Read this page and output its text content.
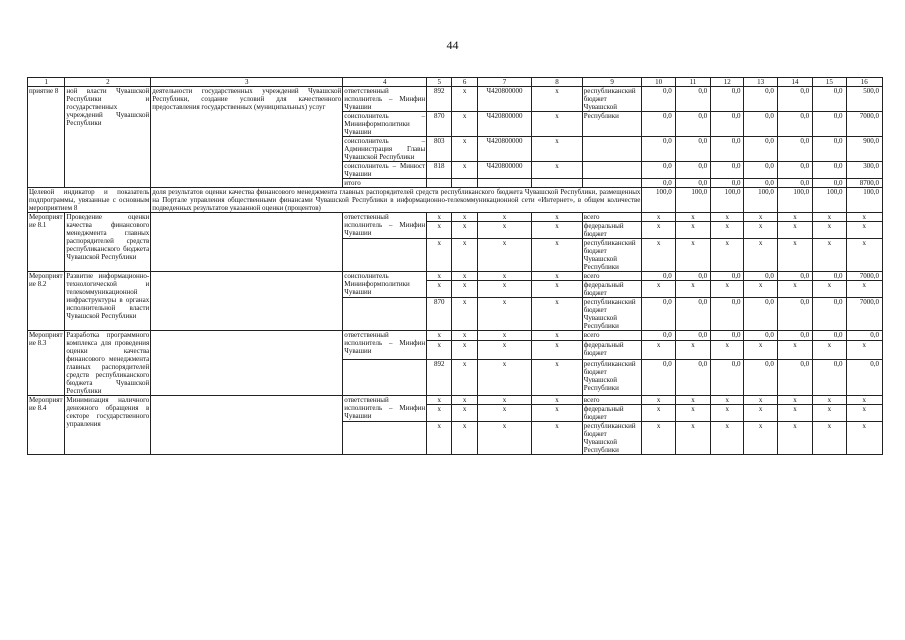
44
1	2	3	4	5	6	7	8	9	10	11	12	13	14	15	16
приятие 8	ной власти Чувашской Республики и государственных учреждений Чувашской Республики	деятельности государственных учреждений Чувашской Республики, создание условий для качественного предоставления государственных (муниципальных) услуг	ответственный исполнитель – Минфин Чувашии	892	х	Ч420800000	х	республиканский бюджет Чувашской	0,0	0,0	0,0	0,0	0,0	0,0	500,0
			соисполнитель – Мининформполитики Чувашии	870	х	Ч420800000	х	Республики	0,0	0,0	0,0	0,0	0,0	0,0	7000,0
			соисполнитель – Администрация Главы Чувашской Республики	803	х	Ч420800000	х		0,0	0,0	0,0	0,0	0,0	0,0	900,0
			соисполнитель – Минюст Чувашии	818	х	Ч420800000	х		0,0	0,0	0,0	0,0	0,0	0,0	300,0
			итого						0,0	0,0	0,0	0,0	0,0	0,0	8700,0
Целевой индикатор и показатель подпрограммы, увязанные с основным мероприятием 8		доля результатов оценки качества финансового менеджмента главных распорядителей средств республиканского бюджета Чувашской Республики, размещенных на Портале управления общественными финансами Чувашской Республики в информационно-телекоммуникационной сети «Интернет», в общем количестве подведенных результатов указанной оценки (процентов)							100,0	100,0	100,0	100,0	100,0	100,0	100,0
Мероприятие 8.1	Проведение оценки качества финансового менеджмента главных распорядителей средств республиканского бюджета Чувашской Республики		ответственный исполнитель – Минфин Чувашии	х	х	х	х	всего	х	х	х	х	х	х	х
				х	х	х	х	федеральный бюджет	х	х	х	х	х	х	х
				х	х	х	х	республиканский бюджет Чувашской Республики	х	х	х	х	х	х	х
Мероприятие 8.2	Развитие информационно-технологической и телекоммуникационной инфраструктуры в органах исполнительной власти Чувашской Республики		соисполнитель Мининформполитики Чувашии	х	х	х	х	всего	0,0	0,0	0,0	0,0	0,0	0,0	7000,0
				х	х	х	х	федеральный бюджет	х	х	х	х	х	х	х
				870	х	х	х	республиканский бюджет Чувашской Республики	0,0	0,0	0,0	0,0	0,0	0,0	7000,0
Мероприятие 8.3	Разработка программного комплекса для проведения оценки качества финансового менеджмента главных распорядителей средств республиканского бюджета Чувашской Республики		ответственный исполнитель – Минфин Чувашии	х	х	х	х	всего	0,0	0,0	0,0	0,0	0,0	0,0	0,0
				х	х	х	х	федеральный бюджет	х	х	х	х	х	х	х
				892	х	х	х	республиканский бюджет Чувашской Республики	0,0	0,0	0,0	0,0	0,0	0,0	0,0
Мероприятие 8.4	Минимизация наличного денежного обращения в секторе государственного управления		ответственный исполнитель – Минфин Чувашии	х	х	х	х	всего	х	х	х	х	х	х	х
				х	х	х	х	федеральный бюджет	х	х	х	х	х	х	х
				х	х	х	х	республиканский бюджет Чувашской Республики	х	х	х	х	х	х	х
